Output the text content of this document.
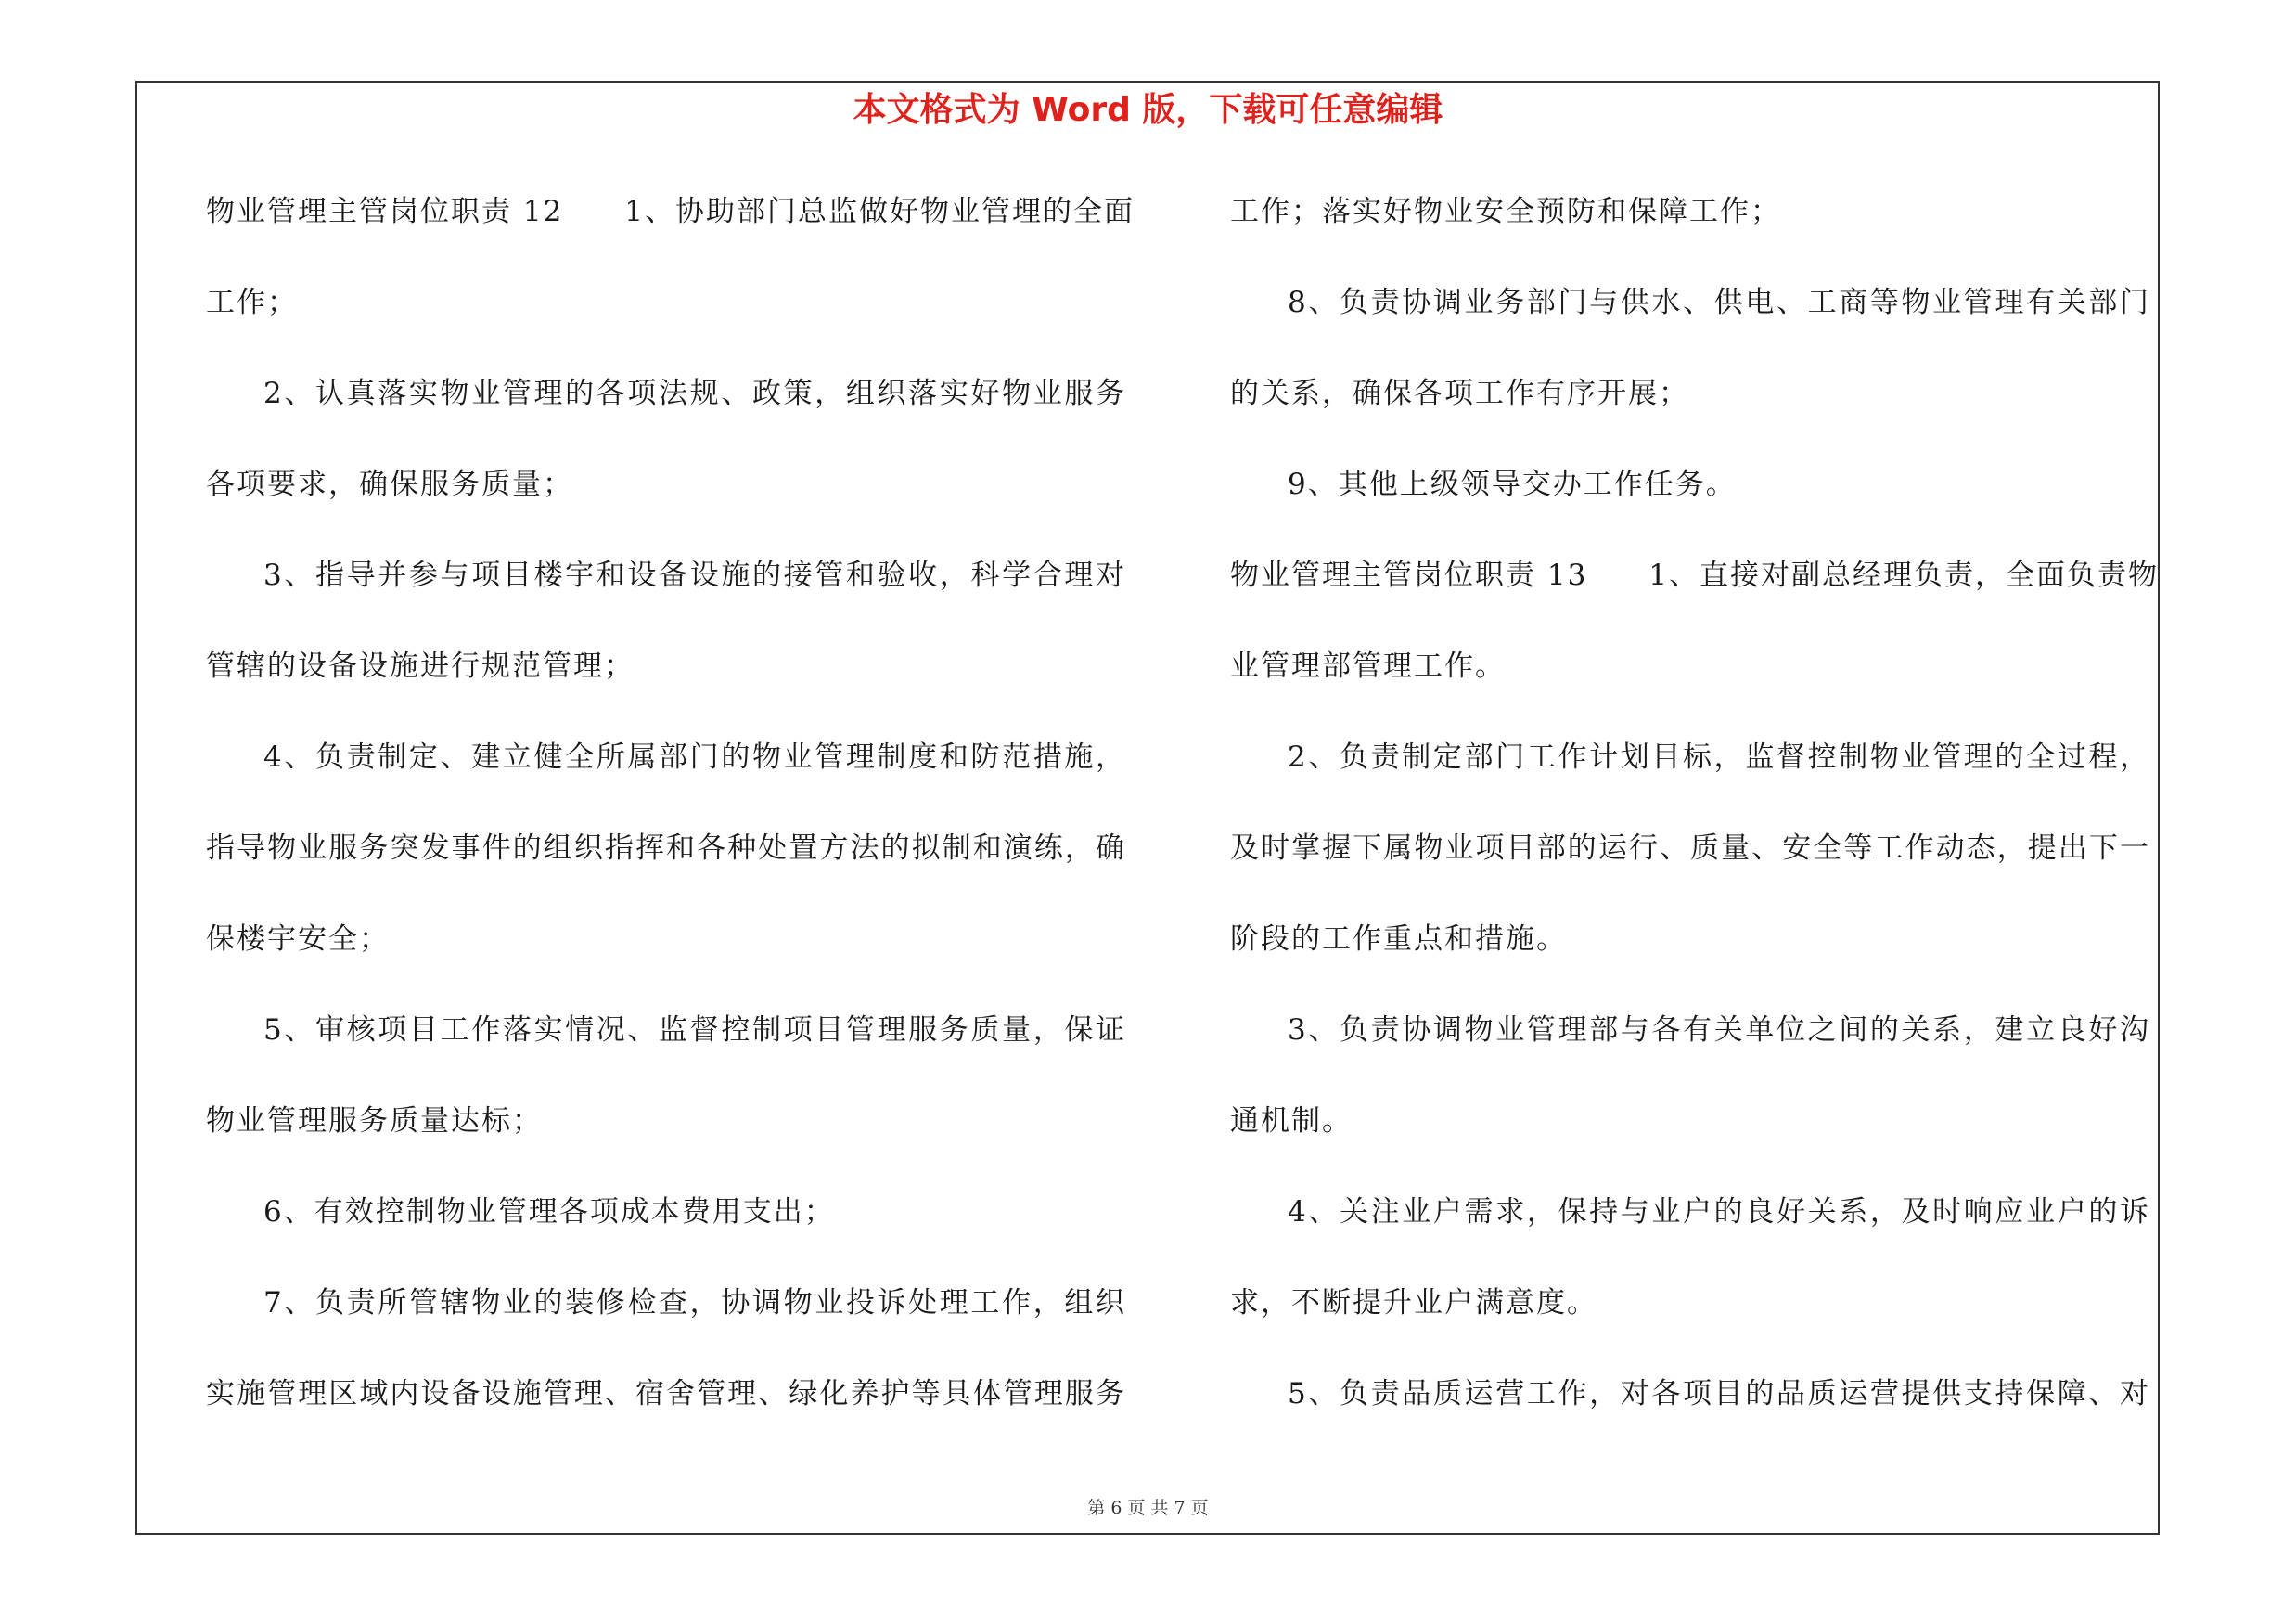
本文格式为 Word 版，下载可任意编辑
物业管理主管岗位职责 12　　1、协助部门总监做好物业管理的全面
工作；
2、认真落实物业管理的各项法规、政策，组织落实好物业服务
各项要求，确保服务质量；
3、指导并参与项目楼宇和设备设施的接管和验收，科学合理对
管辖的设备设施进行规范管理；
4、负责制定、建立健全所属部门的物业管理制度和防范措施，
指导物业服务突发事件的组织指挥和各种处置方法的拟制和演练，确
保楼宇安全；
5、审核项目工作落实情况、监督控制项目管理服务质量，保证
物业管理服务质量达标；
6、有效控制物业管理各项成本费用支出；
7、负责所管辖物业的装修检查，协调物业投诉处理工作，组织
实施管理区域内设备设施管理、宿舍管理、绿化养护等具体管理服务
工作；落实好物业安全预防和保障工作；
8、负责协调业务部门与供水、供电、工商等物业管理有关部门
的关系，确保各项工作有序开展；
9、其他上级领导交办工作任务。
物业管理主管岗位职责 13　　1、直接对副总经理负责，全面负责物
业管理部管理工作。
2、负责制定部门工作计划目标，监督控制物业管理的全过程，
及时掌握下属物业项目部的运行、质量、安全等工作动态，提出下一
阶段的工作重点和措施。
3、负责协调物业管理部与各有关单位之间的关系，建立良好沟
通机制。
4、关注业户需求，保持与业户的良好关系，及时响应业户的诉
求，不断提升业户满意度。
5、负责品质运营工作，对各项目的品质运营提供支持保障、对
第 6 页 共 7 页
